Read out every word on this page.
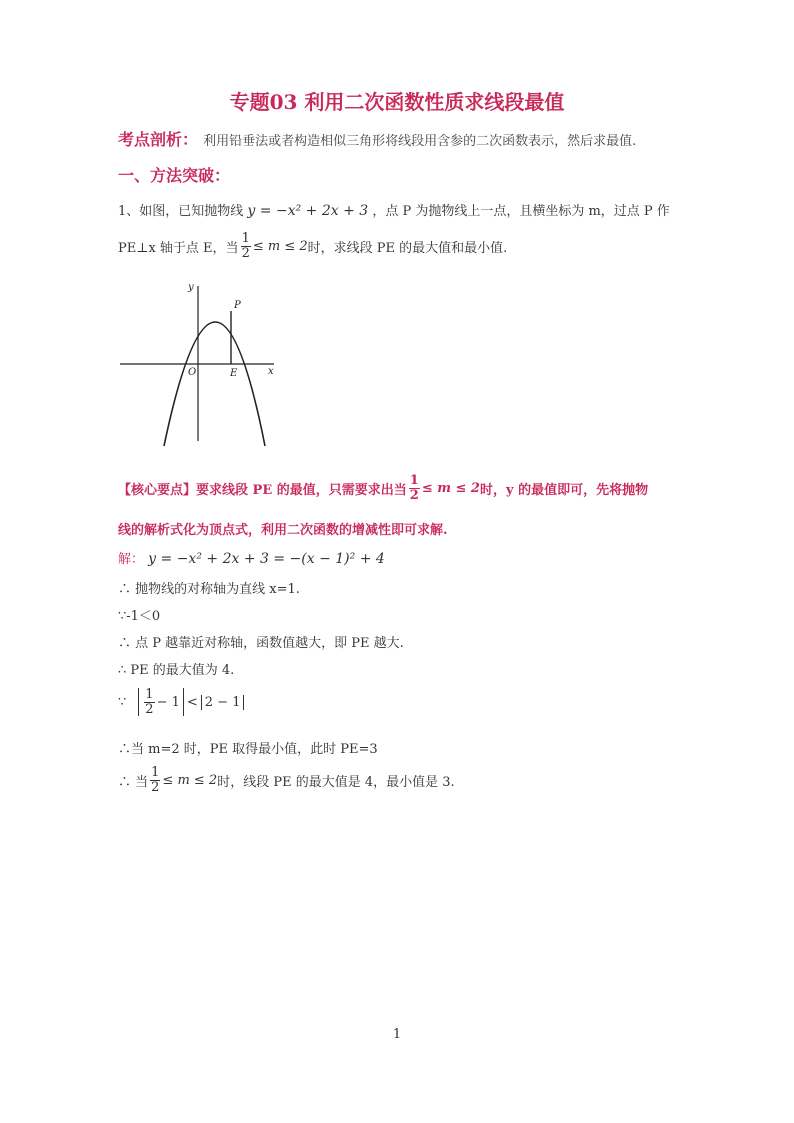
专题03 利用二次函数性质求线段最值
考点剖析： 利用铅垂法或者构造相似三角形将线段用含参的二次函数表示，然后求最值.
一、方法突破：
1、如图，已知抛物线 y = −x² + 2x + 3 ，点 P 为抛物线上一点，且横坐标为 m，过点 P 作
PE⊥x 轴于点 E，当 $\frac{1}{2} \le m \le 2$ 时，求线段 PE 的最大值和最小值.
y
x
P
O	E
【核心要点】 要求线段 PE 的最值，只需要求出当 $\frac{1}{2} \le m \le 2$ 时，y 的最值即可，先将抛物
线的解析式化为顶点式，利用二次函数的增减性即可求解.
解： y = −x² + 2x + 3 = −(x − 1)² + 4
∴ 抛物线的对称轴为直线 x=1.
∵-1＜0
∴ 点 P 越靠近对称轴，函数值越大，即 PE 越大.
∴ PE 的最大值为 4.
∵ $\frac{1}{2} - 1 < 2 - 1$
∴当 m=2 时，PE 取得最小值，此时 PE=3
∴ 当 $\frac{1}{2} \le m \le 2$ 时，线段 PE 的最大值是 4，最小值是 3.
1
